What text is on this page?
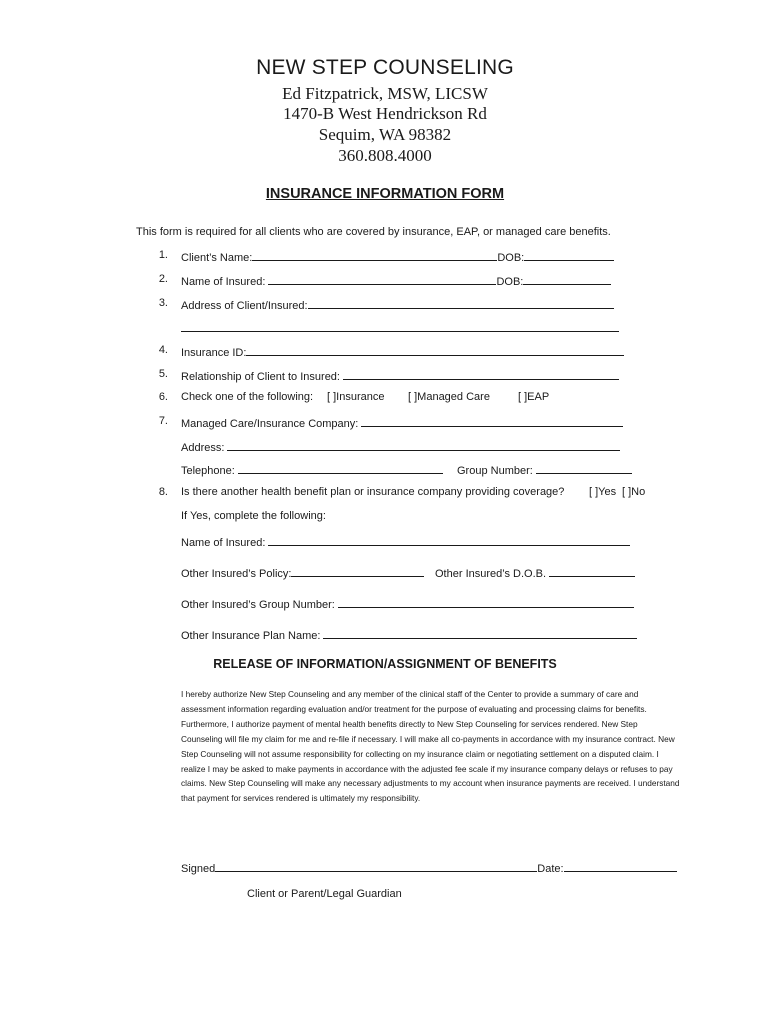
NEW STEP COUNSELING
Ed Fitzpatrick, MSW, LICSW
1470-B West Hendrickson Rd
Sequim, WA 98382
360.808.4000
INSURANCE INFORMATION FORM
This form is required for all clients who are covered by insurance, EAP, or managed care benefits.
1. Client’s Name:	DOB:
2. Name of Insured:	DOB:
3. Address of Client/Insured:
4. Insurance ID:
5. Relationship of Client to Insured:
6. Check one of the following: [ ]Insurance [ ]Managed Care	[ ]EAP
7. Managed Care/Insurance Company:
Address:
Telephone:	Group Number:
8. Is there another health benefit plan or insurance company providing coverage? [ ]Yes [ ]No
If Yes, complete the following:
Name of Insured:
Other Insured’s Policy:	Other Insured’s D.O.B.
Other Insured’s Group Number:
Other Insurance Plan Name:
RELEASE OF INFORMATION/ASSIGNMENT OF BENEFITS
I hereby authorize New Step Counseling and any member of the clinical staff of the Center to provide a summary of care and assessment information regarding evaluation and/or treatment for the purpose of evaluating and processing claims for benefits. Furthermore, I authorize payment of mental health benefits directly to New Step Counseling for services rendered. New Step Counseling will file my claim for me and re-file if necessary. I will make all co-payments in accordance with my insurance contract. New Step Counseling will not assume responsibility for collecting on my insurance claim or negotiating settlement on a disputed claim. I realize I may be asked to make payments in accordance with the adjusted fee scale if my insurance company delays or refuses to pay claims. New Step Counseling will make any necessary adjustments to my account when insurance payments are received. I understand that payment for services rendered is ultimately my responsibility.
Signed	Date:
Client or Parent/Legal Guardian
